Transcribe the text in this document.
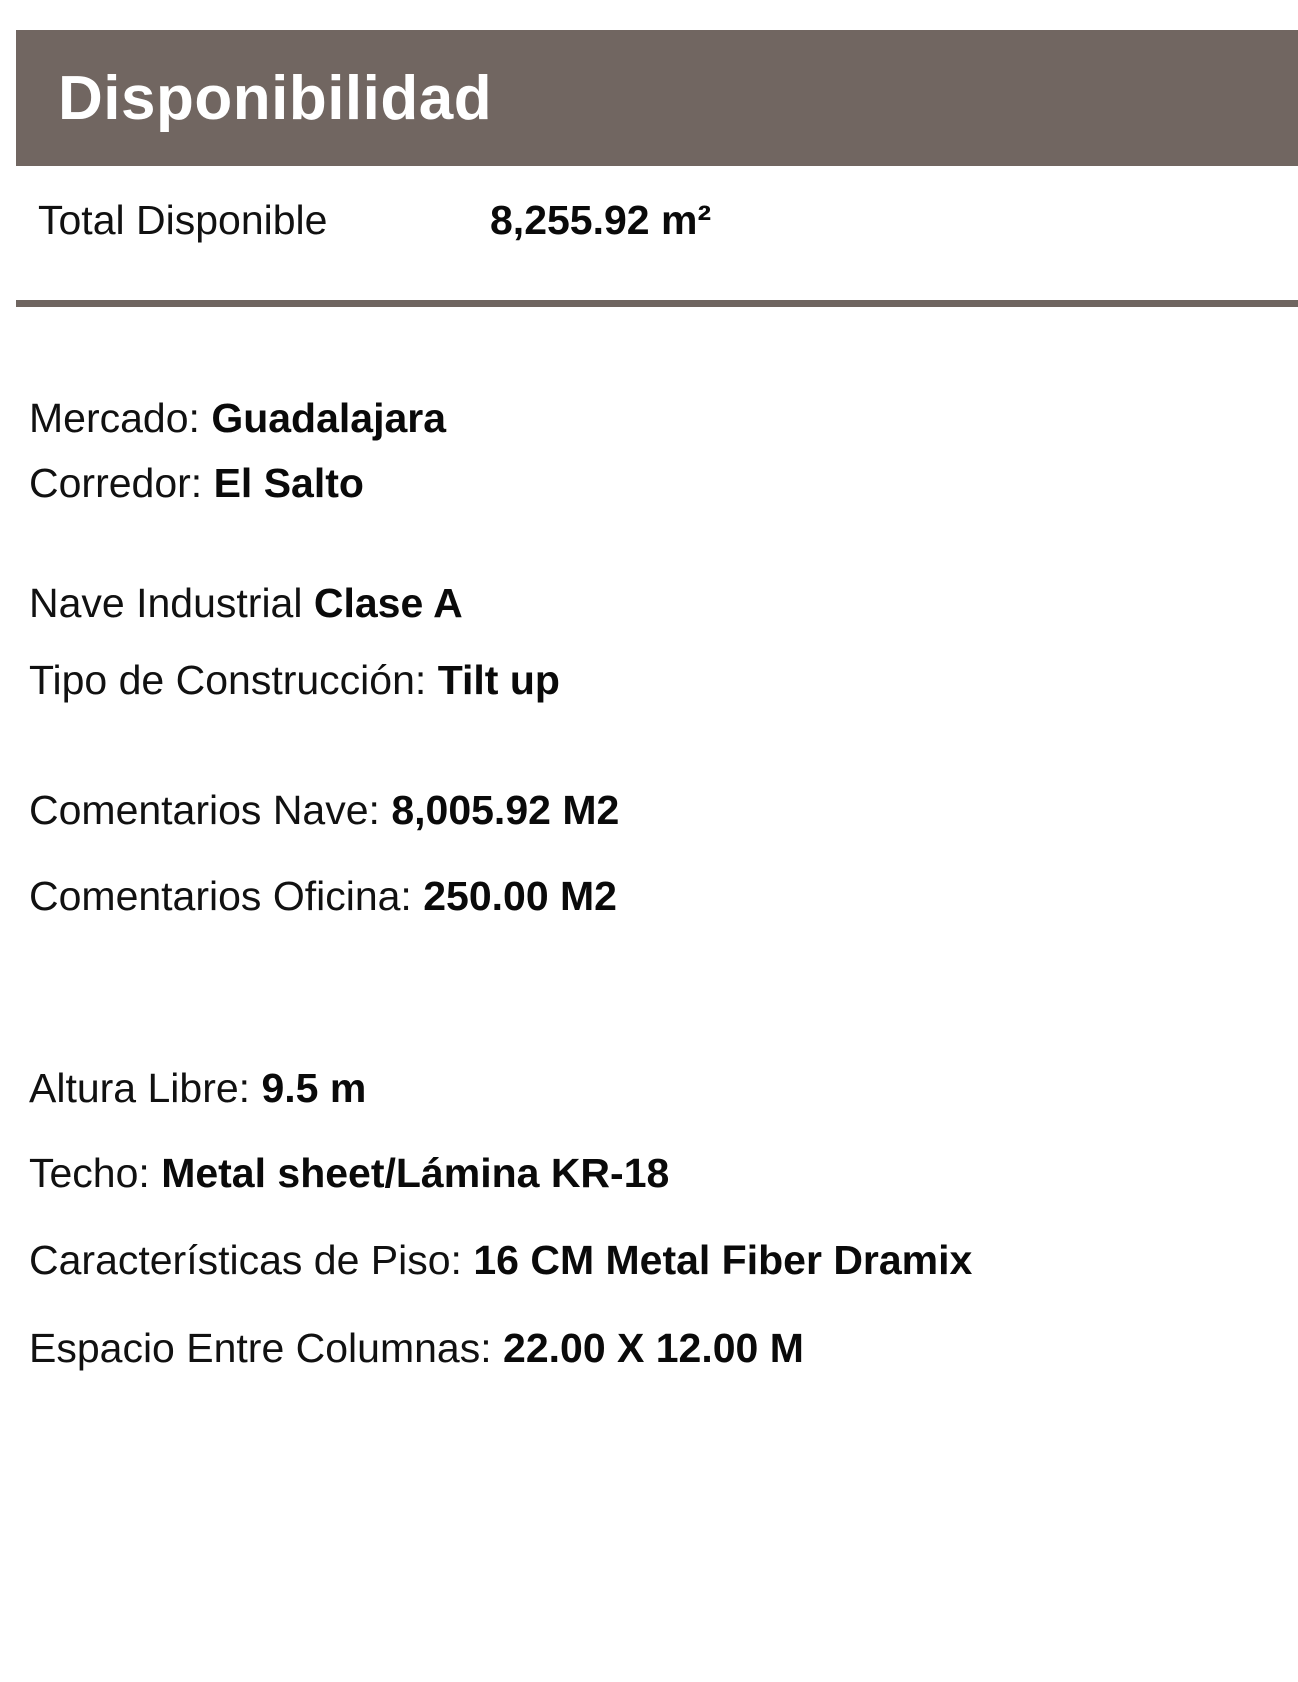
Disponibilidad
Total Disponible	8,255.92 m²
Mercado: Guadalajara
Corredor: El Salto
Nave Industrial Clase A
Tipo de Construcción: Tilt up
Comentarios Nave: 8,005.92 M2
Comentarios Oficina: 250.00 M2
Altura Libre: 9.5 m
Techo: Metal sheet/Lámina KR-18
Características de Piso: 16 CM Metal Fiber Dramix
Espacio Entre Columnas: 22.00 X 12.00 M
